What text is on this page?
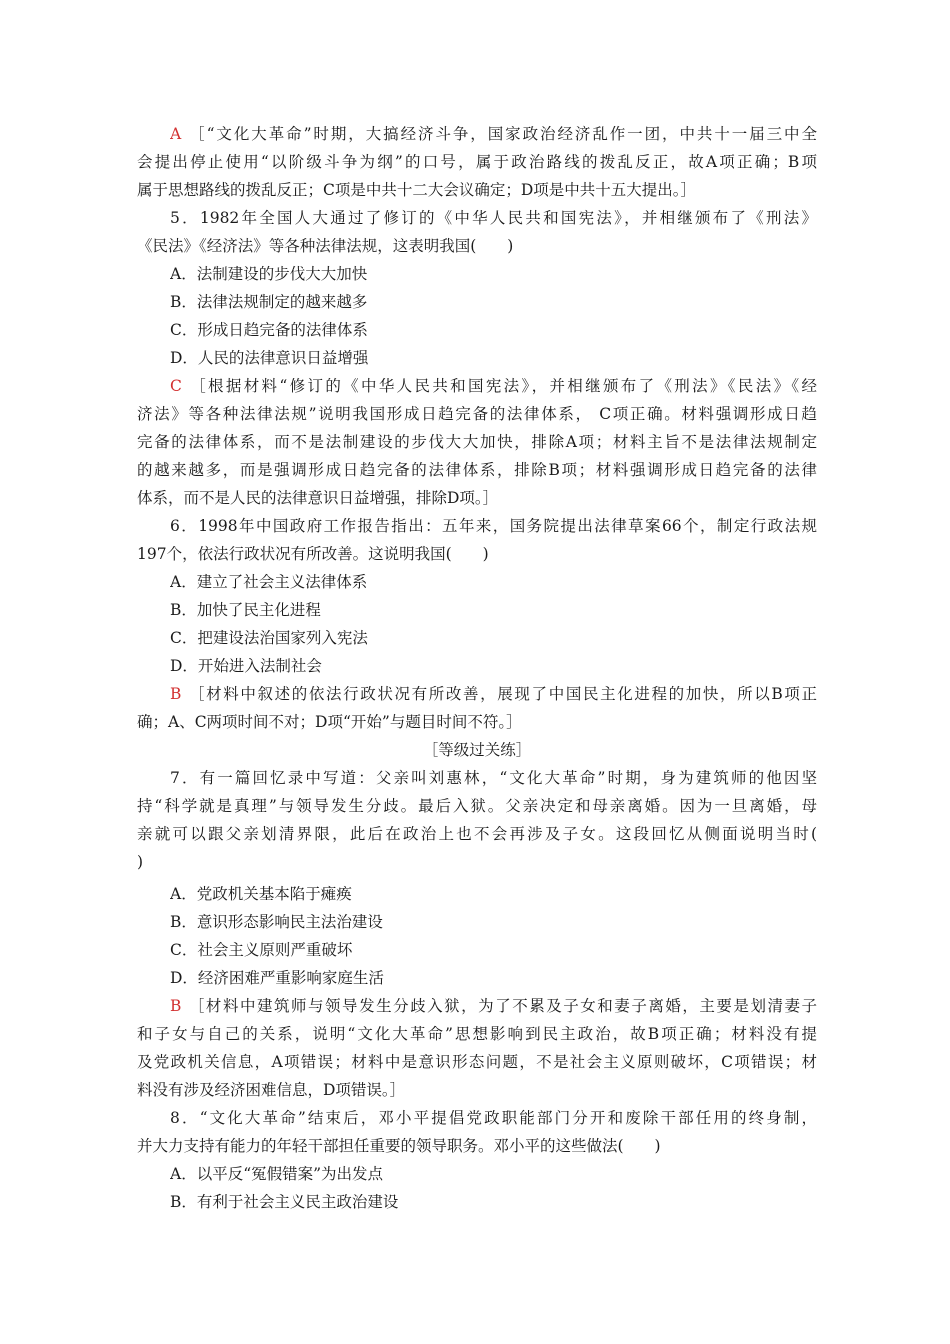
A ［“文化大革命”时期，大搞经济斗争，国家政治经济乱作一团，中共十一届三中全
会提出停止使用“以阶级斗争为纲”的口号，属于政治路线的拨乱反正，故A项正确；B项
属于思想路线的拨乱反正；C项是中共十二大会议确定；D项是中共十五大提出。］
5．1982年全国人大通过了修订的《中华人民共和国宪法》，并相继颁布了《刑法》
《民法》《经济法》等各种法律法规，这表明我国(　　)
A．法制建设的步伐大大加快
B．法律法规制定的越来越多
C．形成日趋完备的法律体系
D．人民的法律意识日益增强
C ［根据材料“修订的《中华人民共和国宪法》，并相继颁布了《刑法》《民法》《经
济法》等各种法律法规”说明我国形成日趋完备的法律体系， C项正确。材料强调形成日趋
完备的法律体系，而不是法制建设的步伐大大加快，排除A项；材料主旨不是法律法规制定
的越来越多，而是强调形成日趋完备的法律体系，排除B项；材料强调形成日趋完备的法律
体系，而不是人民的法律意识日益增强，排除D项。］
6．1998年中国政府工作报告指出：五年来，国务院提出法律草案66个，制定行政法规
197个，依法行政状况有所改善。这说明我国(　　)
A．建立了社会主义法律体系
B．加快了民主化进程
C．把建设法治国家列入宪法
D．开始进入法制社会
B ［材料中叙述的依法行政状况有所改善，展现了中国民主化进程的加快，所以B项正
确；A、C两项时间不对；D项“开始”与题目时间不符。］
［等级过关练］
7．有一篇回忆录中写道：父亲叫刘惠林，“文化大革命”时期，身为建筑师的他因坚
持“科学就是真理”与领导发生分歧。最后入狱。父亲决定和母亲离婚。因为一旦离婚，母
亲就可以跟父亲划清界限，此后在政治上也不会再涉及子女。这段回忆从侧面说明当时(
)
A．党政机关基本陷于瘫痪
B．意识形态影响民主法治建设
C．社会主义原则严重破坏
D．经济困难严重影响家庭生活
B ［材料中建筑师与领导发生分歧入狱，为了不累及子女和妻子离婚，主要是划清妻子
和子女与自己的关系，说明“文化大革命”思想影响到民主政治，故B项正确；材料没有提
及党政机关信息，A项错误；材料中是意识形态问题，不是社会主义原则破坏，C项错误；材
料没有涉及经济困难信息，D项错误。］
8．“文化大革命”结束后，邓小平提倡党政职能部门分开和废除干部任用的终身制，
并大力支持有能力的年轻干部担任重要的领导职务。邓小平的这些做法(　　)
A．以平反“冤假错案”为出发点
B．有利于社会主义民主政治建设
